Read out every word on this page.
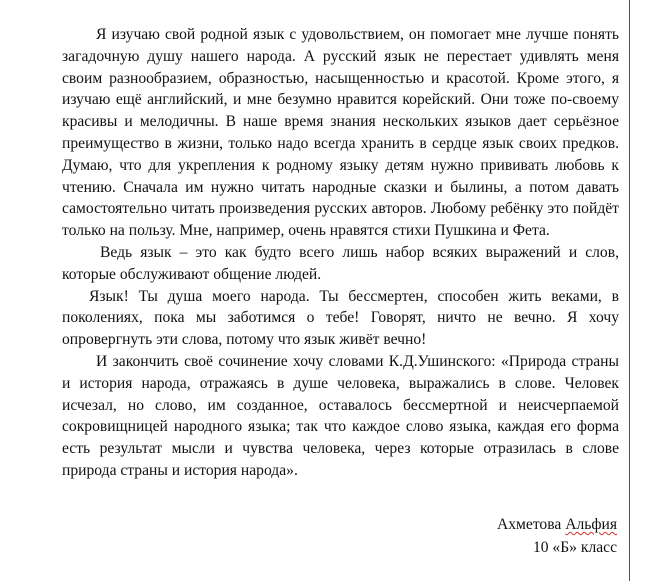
Я изучаю свой родной язык с удовольствием, он помогает мне лучше понять загадочную душу нашего народа. А русский язык не перестает удивлять меня своим разнообразием, образностью, насыщенностью и красотой. Кроме этого, я изучаю ещё английский, и мне безумно нравится корейский. Они тоже по-своему красивы и мелодичны. В наше время знания нескольких языков дает серьёзное преимущество в жизни, только надо всегда хранить в сердце язык своих предков. Думаю, что для укрепления к родному языку детям нужно прививать любовь к чтению. Сначала им нужно читать народные сказки и былины, а потом давать самостоятельно читать произведения русских авторов. Любому ребёнку это пойдёт только на пользу. Мне, например, очень нравятся стихи Пушкина и Фета.

Ведь язык – это как будто всего лишь набор всяких выражений и слов, которые обслуживают общение людей.

Язык! Ты душа моего народа. Ты бессмертен, способен жить веками, в поколениях, пока мы заботимся о тебе! Говорят, ничто не вечно. Я хочу опровергнуть эти слова, потому что язык живёт вечно!

И закончить своё сочинение хочу словами К.Д.Ушинского: «Природа страны и история народа, отражаясь в душе человека, выражались в слове. Человек исчезал, но слово, им созданное, оставалось бессмертной и неисчерпаемой сокровищницей народного языка; так что каждое слово языка, каждая его форма есть результат мысли и чувства человека, через которые отразилась в слове природа страны и история народа».

Ахметова Альфия
10 «Б» класс
